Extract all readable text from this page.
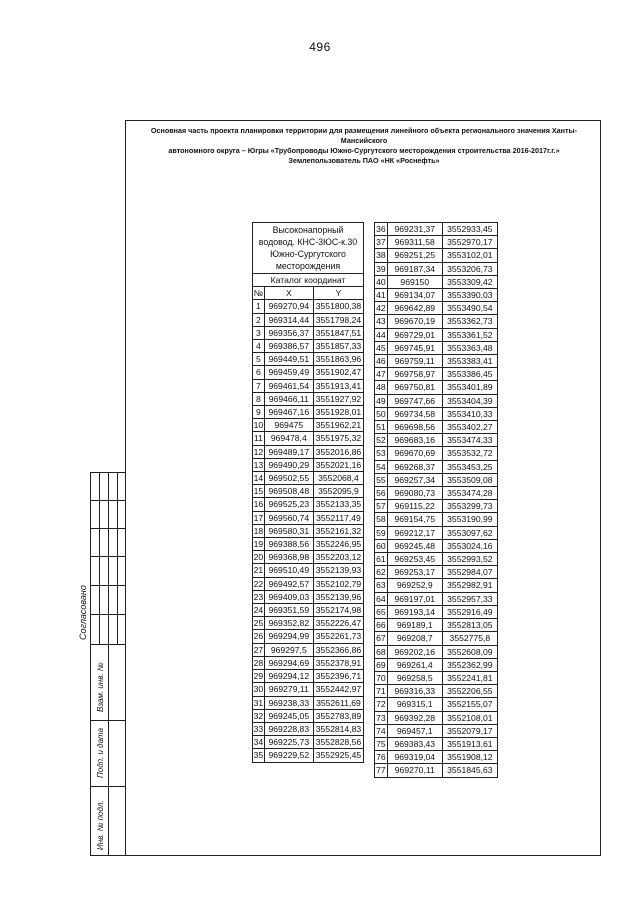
496
Основная часть проекта планировки территории для размещения линейного объекта регионального значения Ханты-Мансийского
автономного округа – Югры «Трубопроводы Южно-Сургутского месторождения строительства 2016-2017г.г.»
Землепользователь ПАО «НК «Роснефть»
Высоконапорный
водовод. КНС-3ЮС-к.30
Южно-Сургутского
месторождения		

Каталог координат		
№	X	Y
1	969270,94	3551800,38
2	969314,44	3551798,24
3	969356,37	3551847,51
4	969386,57	3551857,33
5	969449,51	3551863,96
6	969459,49	3551902,47
7	969461,54	3551913,41
8	969466,11	3551927,92
9	969467,16	3551928,01
10	969475	3551962,21
11	969478,4	3551975,32
12	969489,17	3552016,86
13	969490,29	3552021,16
14	969502,55	3552068,4
15	969508,48	3552095,9
16	969525,23	3552133,35
17	969560,74	3552117,49
18	969580,31	3552161,32
19	969388,56	3552246,95
20	969368,98	3552203,12
21	969510,49	3552139,93
22	969492,57	3552102,79
23	969409,03	3552139,96
24	969351,59	3552174,98
25	969352,82	3552226,47
26	969294,99	3552261,73
27	969297,5	3552366,86
28	969294,69	3552378,91
29	969294,12	3552396,71
30	969279,11	3552442,97
31	969238,33	3552611,69
32	969245,05	3552783,89
33	969228,83	3552814,83
34	969225,73	3552828,56
35	969229,52	3552925,45
36	969231,37	3552933,45
37	969311,58	3552970,17
38	969251,25	3553102,01
39	969187,34	3553206,73
40	969150	3553309,42
41	969134,07	3553390,03
42	969642,89	3553490,54
43	969670,19	3553362,73
44	969729,01	3553361,52
45	969745,91	3553363,48
46	969759,11	3553383,41
47	969758,97	3553386,45
48	969750,81	3553401,89
49	969747,66	3553404,39
50	969734,58	3553410,33
51	969698,56	3553402,27
52	969683,16	3553474,33
53	969670,69	3553532,72
54	969268,37	3553453,25
55	969257,34	3553509,08
56	969080,73	3553474,28
57	969115,22	3553299,73
58	969154,75	3553190,99
59	969212,17	3553097,62
60	969245,48	3553024,16
61	969253,45	3552993,52
62	969253,17	3552984,07
63	969252,9	3552982,91
64	969197,01	3552957,33
65	969193,14	3552916,49
66	969189,1	3552813,05
67	969208,7	3552775,8
68	969202,16	3552608,09
69	969261,4	3552362,99
70	969258,5	3552241,81
71	969316,33	3552206,55
72	969315,1	3552155,07
73	969392,28	3552108,01
74	969457,1	3552079,17
75	969383,43	3551913,61
76	969319,04	3551908,12
77	969270,11	3551845,63
Согласовано
Взам. инв. №
Подп. и дата
Инв. № подл.
